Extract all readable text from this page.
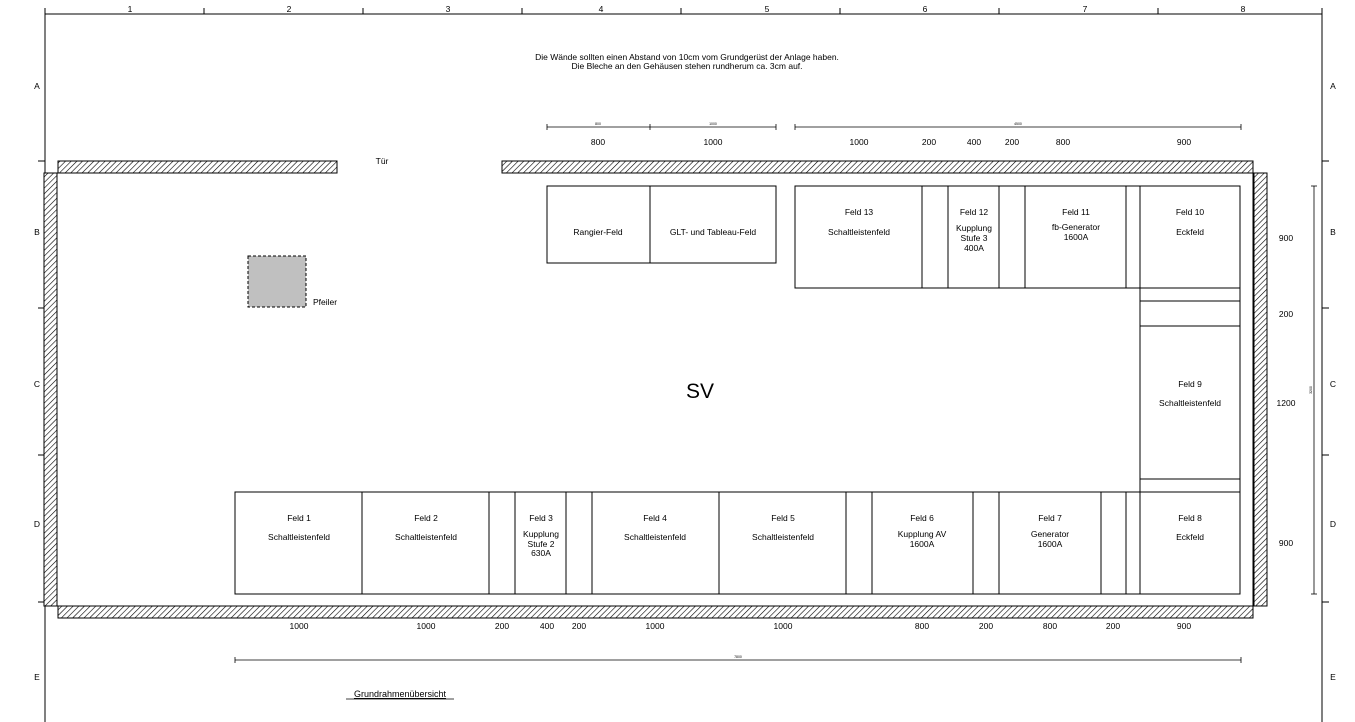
1	2	3	4	5	6	7	8
A
B
C
D
E
A
B
C
D
E
Die Wände sollten einen Abstand von 10cm vom Grundgerüst der Anlage haben.
Die Bleche an den Gehäusen stehen rundherum ca. 3cm auf.
Tür
Pfeiler
SV
Rangier-Feld	GLT- und Tableau-Feld
Feld 13
Schaltleistenfeld
Feld 12
Kupplung
Stufe 3
400A
Feld 11
fb-Generator
1600A
Feld 10
Eckfeld
Feld 9
Schaltleistenfeld
Feld 1
Schaltleistenfeld
Feld 2
Schaltleistenfeld
Feld 3
Kupplung
Stufe 2
630A
Feld 4
Schaltleistenfeld
Feld 5
Schaltleistenfeld
Feld 6
Kupplung AV
1600A
Feld 7
Generator
1600A
Feld 8
Eckfeld
800	1000	4500
7800
3200
800	1000	1000	200	400	200	800	900
900
200
1200
900
1000	1000	200	400 200	1000	1000	800	200	800	200	900
Grundrahmenübersicht
